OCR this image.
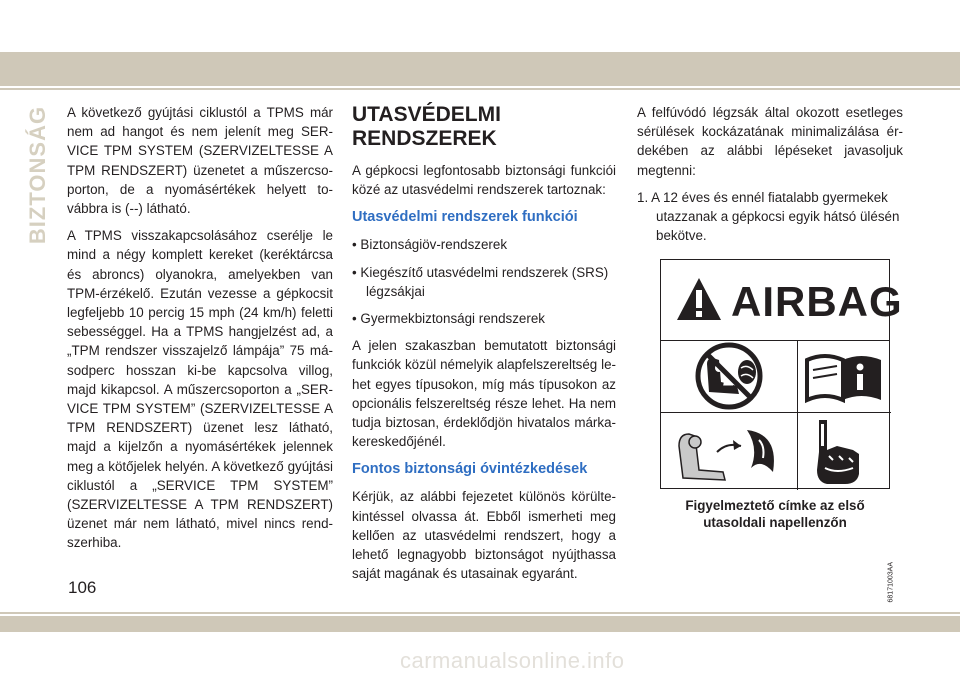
BIZTONSÁG A következő gyújtási ciklustól a TPMS már nem ad hangot és nem jelenít meg SER-VICE TPM SYSTEM (SZERVIZELTESSE A TPM RENDSZERT) üzenetet a műszercso-porton, de a nyomásértékek helyett to-vábbra is (--) látható.

A TPMS visszakapcsolásához cserélje le mind a négy komplett kereket (keréktárcsa és abroncs) olyanokra, amelyekben van TPM-érzékelő. Ezután vezesse a gépkocsit legfeljebb 10 percig 15 mph (24 km/h) feletti sebességgel. Ha a TPMS hangjelzést ad, a „TPM rendszer visszajelző lámpája” 75 má-sodperc hosszan ki-be kapcsolva villog, majd kikapcsol. A műszercsoporton a „SER-VICE TPM SYSTEM” (SZERVIZELTESSE A TPM RENDSZERT) üzenet lesz látható, majd a kijelzőn a nyomásértékek jelennek meg a kötőjelek helyén. A következő gyújtási ciklustól a „SERVICE TPM SYSTEM” (SZERVIZELTESSE A TPM RENDSZERT) üzenet már nem látható, mivel nincs rend-szerhiba.

UTASVÉDELMI RENDSZEREK

A gépkocsi legfontosabb biztonsági funkciói közé az utasvédelmi rendszerek tartoznak:

Utasvédelmi rendszerek funkciói

• Biztonságiöv-rendszerek

• Kiegészítő utasvédelmi rendszerek (SRS) légzsákjai

• Gyermekbiztonsági rendszerek

A jelen szakaszban bemutatott biztonsági funkciók közül némelyik alapfelszereltség le-het egyes típusokon, míg más típusokon az opcionális felszereltség része lehet. Ha nem tudja biztosan, érdeklődjön hivatalos márka-kereskedőjénél.

Fontos biztonsági óvintézkedések

Kérjük, az alábbi fejezetet különös körülte-kintéssel olvassa át. Ebből ismerheti meg kellően az utasvédelmi rendszert, hogy a lehető legnagyobb biztonságot nyújthassa saját magának és utasainak egyaránt.

A felfúvódó légzsák által okozott esetleges sérülések kockázatának minimalizálása ér-dekében az alábbi lépéseket javasoljuk megtenni:

1. A 12 éves és ennél fiatalabb gyermekek utazzanak a gépkocsi egyik hátsó ülésén bekötve.

AIRBAG
68171003AA
Figyelmeztető címke az első utasoldali napellenzőn
106
carmanualsonline.info
